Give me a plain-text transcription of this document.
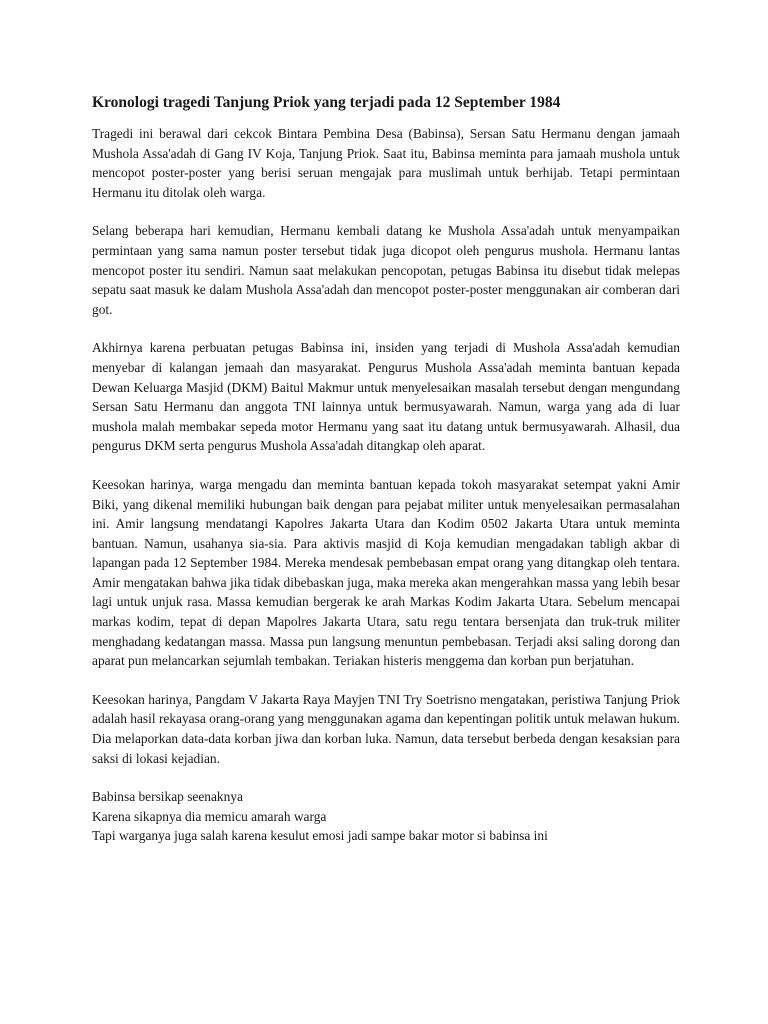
Kronologi tragedi Tanjung Priok yang terjadi pada 12 September 1984

Tragedi ini berawal dari cekcok Bintara Pembina Desa (Babinsa), Sersan Satu Hermanu dengan jamaah Mushola Assa'adah di Gang IV Koja, Tanjung Priok. Saat itu, Babinsa meminta para jamaah mushola untuk mencopot poster-poster yang berisi seruan mengajak para muslimah untuk berhijab. Tetapi permintaan Hermanu itu ditolak oleh warga.

Selang beberapa hari kemudian, Hermanu kembali datang ke Mushola Assa'adah untuk menyampaikan permintaan yang sama namun poster tersebut tidak juga dicopot oleh pengurus mushola. Hermanu lantas mencopot poster itu sendiri. Namun saat melakukan pencopotan, petugas Babinsa itu disebut tidak melepas sepatu saat masuk ke dalam Mushola Assa'adah dan mencopot poster-poster menggunakan air comberan dari got.

Akhirnya karena perbuatan petugas Babinsa ini, insiden yang terjadi di Mushola Assa'adah kemudian menyebar di kalangan jemaah dan masyarakat. Pengurus Mushola Assa'adah meminta bantuan kepada Dewan Keluarga Masjid (DKM) Baitul Makmur untuk menyelesaikan masalah tersebut dengan mengundang Sersan Satu Hermanu dan anggota TNI lainnya untuk bermusyawarah. Namun, warga yang ada di luar mushola malah membakar sepeda motor Hermanu yang saat itu datang untuk bermusyawarah. Alhasil, dua pengurus DKM serta pengurus Mushola Assa'adah ditangkap oleh aparat.

Keesokan harinya, warga mengadu dan meminta bantuan kepada tokoh masyarakat setempat yakni Amir Biki, yang dikenal memiliki hubungan baik dengan para pejabat militer untuk menyelesaikan permasalahan ini. Amir langsung mendatangi Kapolres Jakarta Utara dan Kodim 0502 Jakarta Utara untuk meminta bantuan. Namun, usahanya sia-sia. Para aktivis masjid di Koja kemudian mengadakan tabligh akbar di lapangan pada 12 September 1984. Mereka mendesak pembebasan empat orang yang ditangkap oleh tentara. Amir mengatakan bahwa jika tidak dibebaskan juga, maka mereka akan mengerahkan massa yang lebih besar lagi untuk unjuk rasa. Massa kemudian bergerak ke arah Markas Kodim Jakarta Utara. Sebelum mencapai markas kodim, tepat di depan Mapolres Jakarta Utara, satu regu tentara bersenjata dan truk-truk militer menghadang kedatangan massa. Massa pun langsung menuntun pembebasan. Terjadi aksi saling dorong dan aparat pun melancarkan sejumlah tembakan. Teriakan histeris menggema dan korban pun berjatuhan.

Keesokan harinya, Pangdam V Jakarta Raya Mayjen TNI Try Soetrisno mengatakan, peristiwa Tanjung Priok adalah hasil rekayasa orang-orang yang menggunakan agama dan kepentingan politik untuk melawan hukum. Dia melaporkan data-data korban jiwa dan korban luka. Namun, data tersebut berbeda dengan kesaksian para saksi di lokasi kejadian.

Babinsa bersikap seenaknya
Karena sikapnya dia memicu amarah warga
Tapi warganya juga salah karena kesulut emosi jadi sampe bakar motor si babinsa ini
